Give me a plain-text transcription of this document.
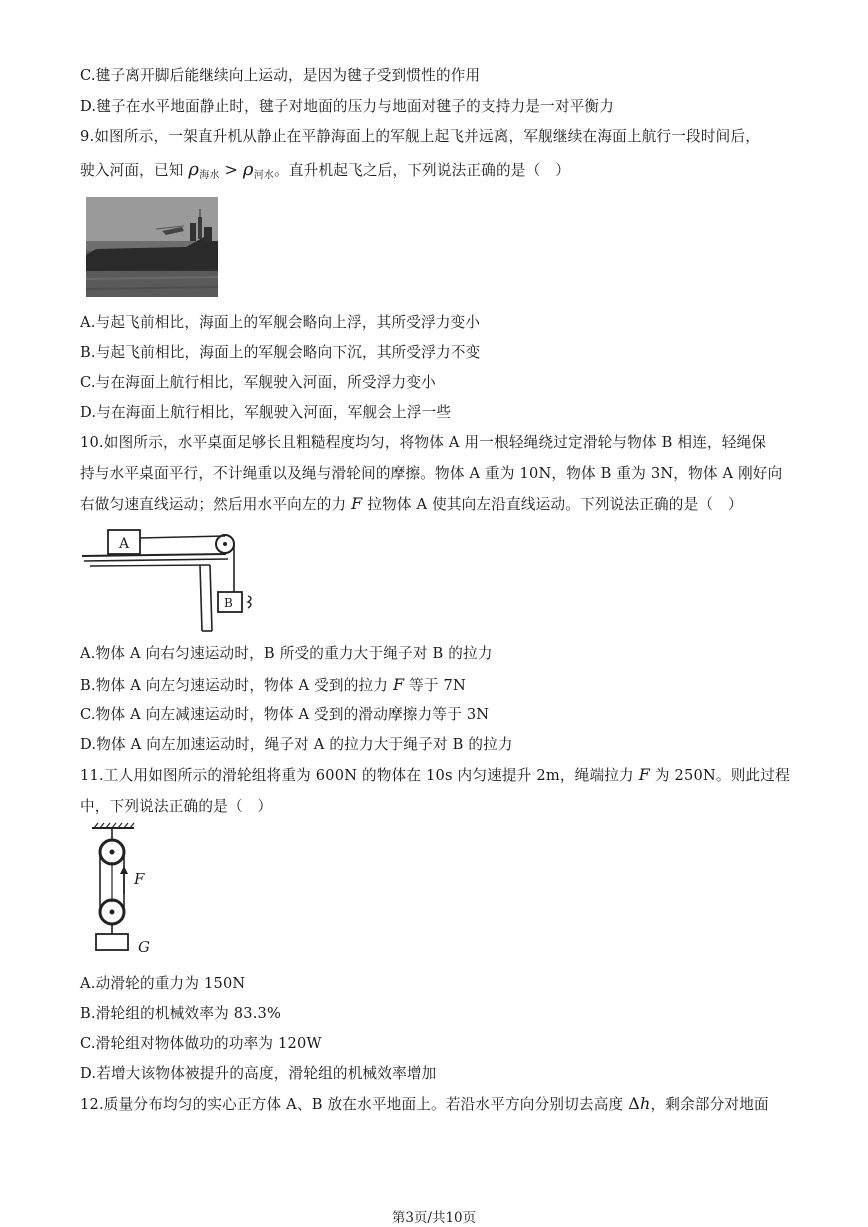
C.毽子离开脚后能继续向上运动，是因为毽子受到惯性的作用
D.毽子在水平地面静止时，毽子对地面的压力与地面对毽子的支持力是一对平衡力
9.如图所示，一架直升机从静止在平静海面上的军舰上起飞并远离，军舰继续在海面上航行一段时间后，
驶入河面，已知 $\rho_{海水} > \rho_{河水}$。直升机起飞之后，下列说法正确的是（　）
A.与起飞前相比，海面上的军舰会略向上浮，其所受浮力变小
B.与起飞前相比，海面上的军舰会略向下沉，其所受浮力不变
C.与在海面上航行相比，军舰驶入河面，所受浮力变小
D.与在海面上航行相比，军舰驶入河面，军舰会上浮一些
10.如图所示，水平桌面足够长且粗糙程度均匀，将物体 A 用一根轻绳绕过定滑轮与物体 B 相连，轻绳保
持与水平桌面平行，不计绳重以及绳与滑轮间的摩擦。物体 A 重为 10N，物体 B 重为 3N，物体 A 刚好向
右做匀速直线运动；然后用水平向左的力 F 拉物体 A 使其向左沿直线运动。下列说法正确的是（　）
A
B
A.物体 A 向右匀速运动时，B 所受的重力大于绳子对 B 的拉力
B.物体 A 向左匀速运动时，物体 A 受到的拉力 F 等于 7N
C.物体 A 向左减速运动时，物体 A 受到的滑动摩擦力等于 3N
D.物体 A 向左加速运动时，绳子对 A 的拉力大于绳子对 B 的拉力
11.工人用如图所示的滑轮组将重为 600N 的物体在 10s 内匀速提升 2m，绳端拉力 F 为 250N。则此过程
中，下列说法正确的是（　）
F
G
A.动滑轮的重力为 150N
B.滑轮组的机械效率为 83.3%
C.滑轮组对物体做功的功率为 120W
D.若增大该物体被提升的高度，滑轮组的机械效率增加
12.质量分布均匀的实心正方体 A、B 放在水平地面上。若沿水平方向分别切去高度 Δh，剩余部分对地面
第3页/共10页
